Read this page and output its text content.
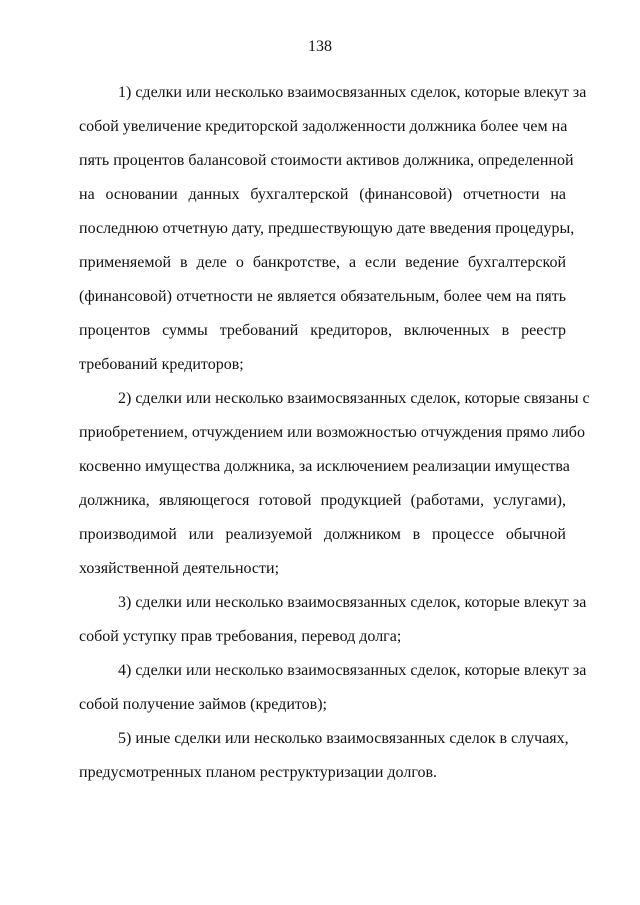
138
1) сделки или несколько взаимосвязанных сделок, которые влекут за
собой увеличение кредиторской задолженности должника более чем на
пять процентов балансовой стоимости активов должника, определенной
на основании данных бухгалтерской (финансовой) отчетности на
последнюю отчетную дату, предшествующую дате введения процедуры,
применяемой в деле о банкротстве, а если ведение бухгалтерской
(финансовой) отчетности не является обязательным, более чем на пять
процентов суммы требований кредиторов, включенных в реестр
требований кредиторов;
2) сделки или несколько взаимосвязанных сделок, которые связаны с
приобретением, отчуждением или возможностью отчуждения прямо либо
косвенно имущества должника, за исключением реализации имущества
должника, являющегося готовой продукцией (работами, услугами),
производимой или реализуемой должником в процессе обычной
хозяйственной деятельности;
3) сделки или несколько взаимосвязанных сделок, которые влекут за
собой уступку прав требования, перевод долга;
4) сделки или несколько взаимосвязанных сделок, которые влекут за
собой получение займов (кредитов);
5) иные сделки или несколько взаимосвязанных сделок в случаях,
предусмотренных планом реструктуризации долгов.
